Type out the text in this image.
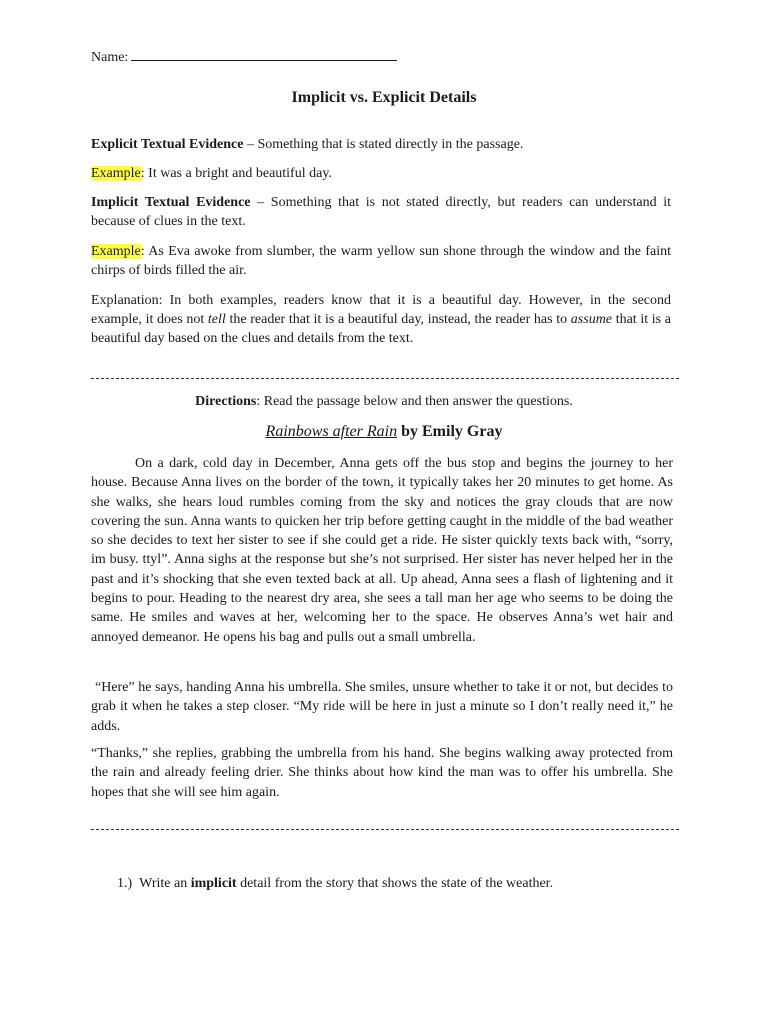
Name:
Implicit vs. Explicit Details
Explicit Textual Evidence – Something that is stated directly in the passage.
Example: It was a bright and beautiful day.
Implicit Textual Evidence – Something that is not stated directly, but readers can understand it because of clues in the text.
Example: As Eva awoke from slumber, the warm yellow sun shone through the window and the faint chirps of birds filled the air.
Explanation: In both examples, readers know that it is a beautiful day. However, in the second example, it does not tell the reader that it is a beautiful day, instead, the reader has to assume that it is a beautiful day based on the clues and details from the text.
Directions: Read the passage below and then answer the questions.
Rainbows after Rain by Emily Gray
On a dark, cold day in December, Anna gets off the bus stop and begins the journey to her house. Because Anna lives on the border of the town, it typically takes her 20 minutes to get home. As she walks, she hears loud rumbles coming from the sky and notices the gray clouds that are now covering the sun. Anna wants to quicken her trip before getting caught in the middle of the bad weather so she decides to text her sister to see if she could get a ride. He sister quickly texts back with, “sorry, im busy. ttyl”. Anna sighs at the response but she’s not surprised. Her sister has never helped her in the past and it’s shocking that she even texted back at all. Up ahead, Anna sees a flash of lightening and it begins to pour. Heading to the nearest dry area, she sees a tall man her age who seems to be doing the same. He smiles and waves at her, welcoming her to the space. He observes Anna’s wet hair and annoyed demeanor. He opens his bag and pulls out a small umbrella.
“Here” he says, handing Anna his umbrella. She smiles, unsure whether to take it or not, but decides to grab it when he takes a step closer. “My ride will be here in just a minute so I don’t really need it,” he adds.
“Thanks,” she replies, grabbing the umbrella from his hand. She begins walking away protected from the rain and already feeling drier. She thinks about how kind the man was to offer his umbrella. She hopes that she will see him again.
1.) Write an implicit detail from the story that shows the state of the weather.
